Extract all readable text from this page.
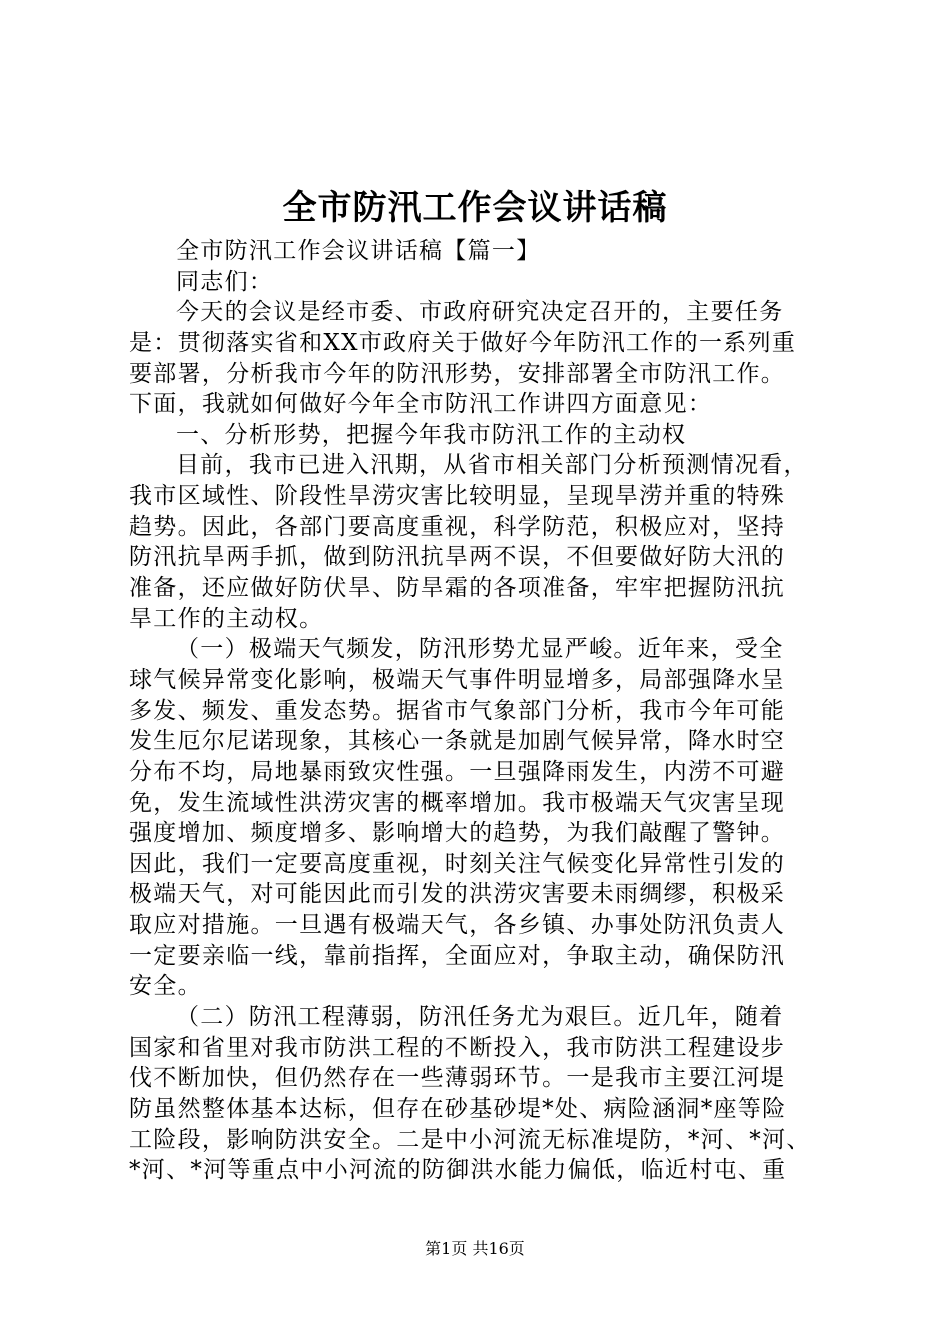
全市防汛工作会议讲话稿
全市防汛工作会议讲话稿【篇一】
同志们：
今天的会议是经市委、市政府研究决定召开的，主要任务
是：贯彻落实省和XX市政府关于做好今年防汛工作的一系列重
要部署，分析我市今年的防汛形势，安排部署全市防汛工作。
下面，我就如何做好今年全市防汛工作讲四方面意见：
一、分析形势，把握今年我市防汛工作的主动权
目前，我市已进入汛期，从省市相关部门分析预测情况看，
我市区域性、阶段性旱涝灾害比较明显，呈现旱涝并重的特殊
趋势。因此，各部门要高度重视，科学防范，积极应对，坚持
防汛抗旱两手抓，做到防汛抗旱两不误，不但要做好防大汛的
准备，还应做好防伏旱、防旱霜的各项准备，牢牢把握防汛抗
旱工作的主动权。
（一）极端天气频发，防汛形势尤显严峻。近年来，受全
球气候异常变化影响，极端天气事件明显增多，局部强降水呈
多发、频发、重发态势。据省市气象部门分析，我市今年可能
发生厄尔尼诺现象，其核心一条就是加剧气候异常，降水时空
分布不均，局地暴雨致灾性强。一旦强降雨发生，内涝不可避
免，发生流域性洪涝灾害的概率增加。我市极端天气灾害呈现
强度增加、频度增多、影响增大的趋势，为我们敲醒了警钟。
因此，我们一定要高度重视，时刻关注气候变化异常性引发的
极端天气，对可能因此而引发的洪涝灾害要未雨绸缪，积极采
取应对措施。一旦遇有极端天气，各乡镇、办事处防汛负责人
一定要亲临一线，靠前指挥，全面应对，争取主动，确保防汛
安全。
（二）防汛工程薄弱，防汛任务尤为艰巨。近几年，随着
国家和省里对我市防洪工程的不断投入，我市防洪工程建设步
伐不断加快，但仍然存在一些薄弱环节。一是我市主要江河堤
防虽然整体基本达标，但存在砂基砂堤*处、病险涵洞*座等险
工险段，影响防洪安全。二是中小河流无标准堤防，*河、*河、
*河、*河等重点中小河流的防御洪水能力偏低，临近村屯、重
第1页 共16页
